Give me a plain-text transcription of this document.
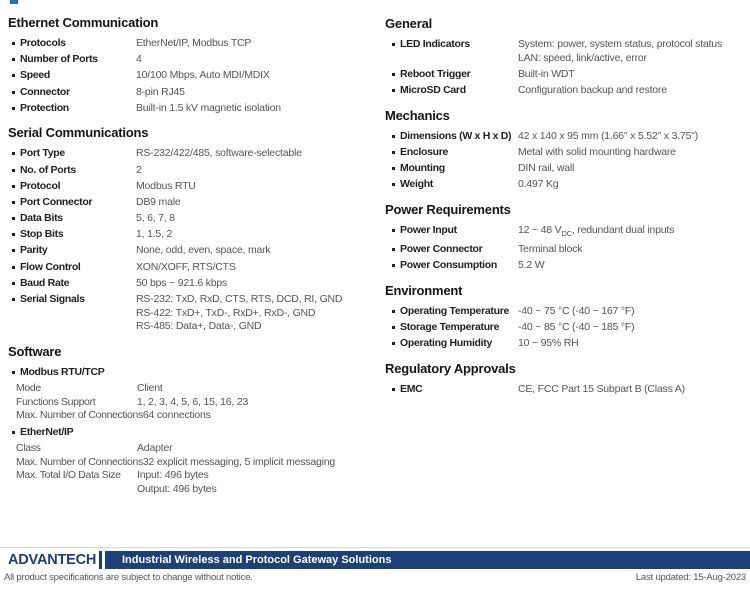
Ethernet Communication
Protocols	EtherNet/IP, Modbus TCP
Number of Ports	4
Speed	10/100 Mbps, Auto MDI/MDIX
Connector	8-pin RJ45
Protection	Built-in 1.5 kV magnetic isolation
Serial Communications
Port Type	RS-232/422/485, software-selectable
No. of Ports	2
Protocol	Modbus RTU
Port Connector	DB9 male
Data Bits	5, 6, 7, 8
Stop Bits	1, 1.5, 2
Parity	None, odd, even, space, mark
Flow Control	XON/XOFF, RTS/CTS
Baud Rate	50 bps ~ 921.6 kbps
Serial Signals	RS-232: TxD, RxD, CTS, RTS, DCD, RI, GND
RS-422: TxD+, TxD-, RxD+, RxD-, GND
RS-485: Data+, Data-, GND
Software
Modbus RTU/TCP
Mode	Client
Functions Support	1, 2, 3, 4, 5, 6, 15, 16, 23
Max. Number of Connections 64 connections
EtherNet/IP
Class	Adapter
Max. Number of Connections 32 explicit messaging, 5 implicit messaging
Max. Total I/O Data Size	Input: 496 bytes
Output: 496 bytes
General
LED Indicators	System: power, system status, protocol status
LAN: speed, link/active, error
Reboot Trigger	Built-in WDT
MicroSD Card	Configuration backup and restore
Mechanics
Dimensions (W x H x D) 42 x 140 x 95 mm (1.66" x 5.52" x 3.75")
Enclosure	Metal with solid mounting hardware
Mounting	DIN rail, wall
Weight	0.497 Kg
Power Requirements
Power Input	12 ~ 48 $V_{DC}$, redundant dual inputs
Power Connector	Terminal block
Power Consumption	5.2 W
Environment
Operating Temperature -40 ~ 75 °C (-40 ~ 167 °F)
Storage Temperature	-40 ~ 85 °C (-40 ~ 185 °F)
Operating Humidity	10 ~ 95% RH
Regulatory Approvals
EMC	CE, FCC Part 15 Subpart B (Class A)
ADVANTECH	Industrial Wireless and Protocol Gateway Solutions
All product specifications are subject to change without notice.	Last updated: 15-Aug-2023
